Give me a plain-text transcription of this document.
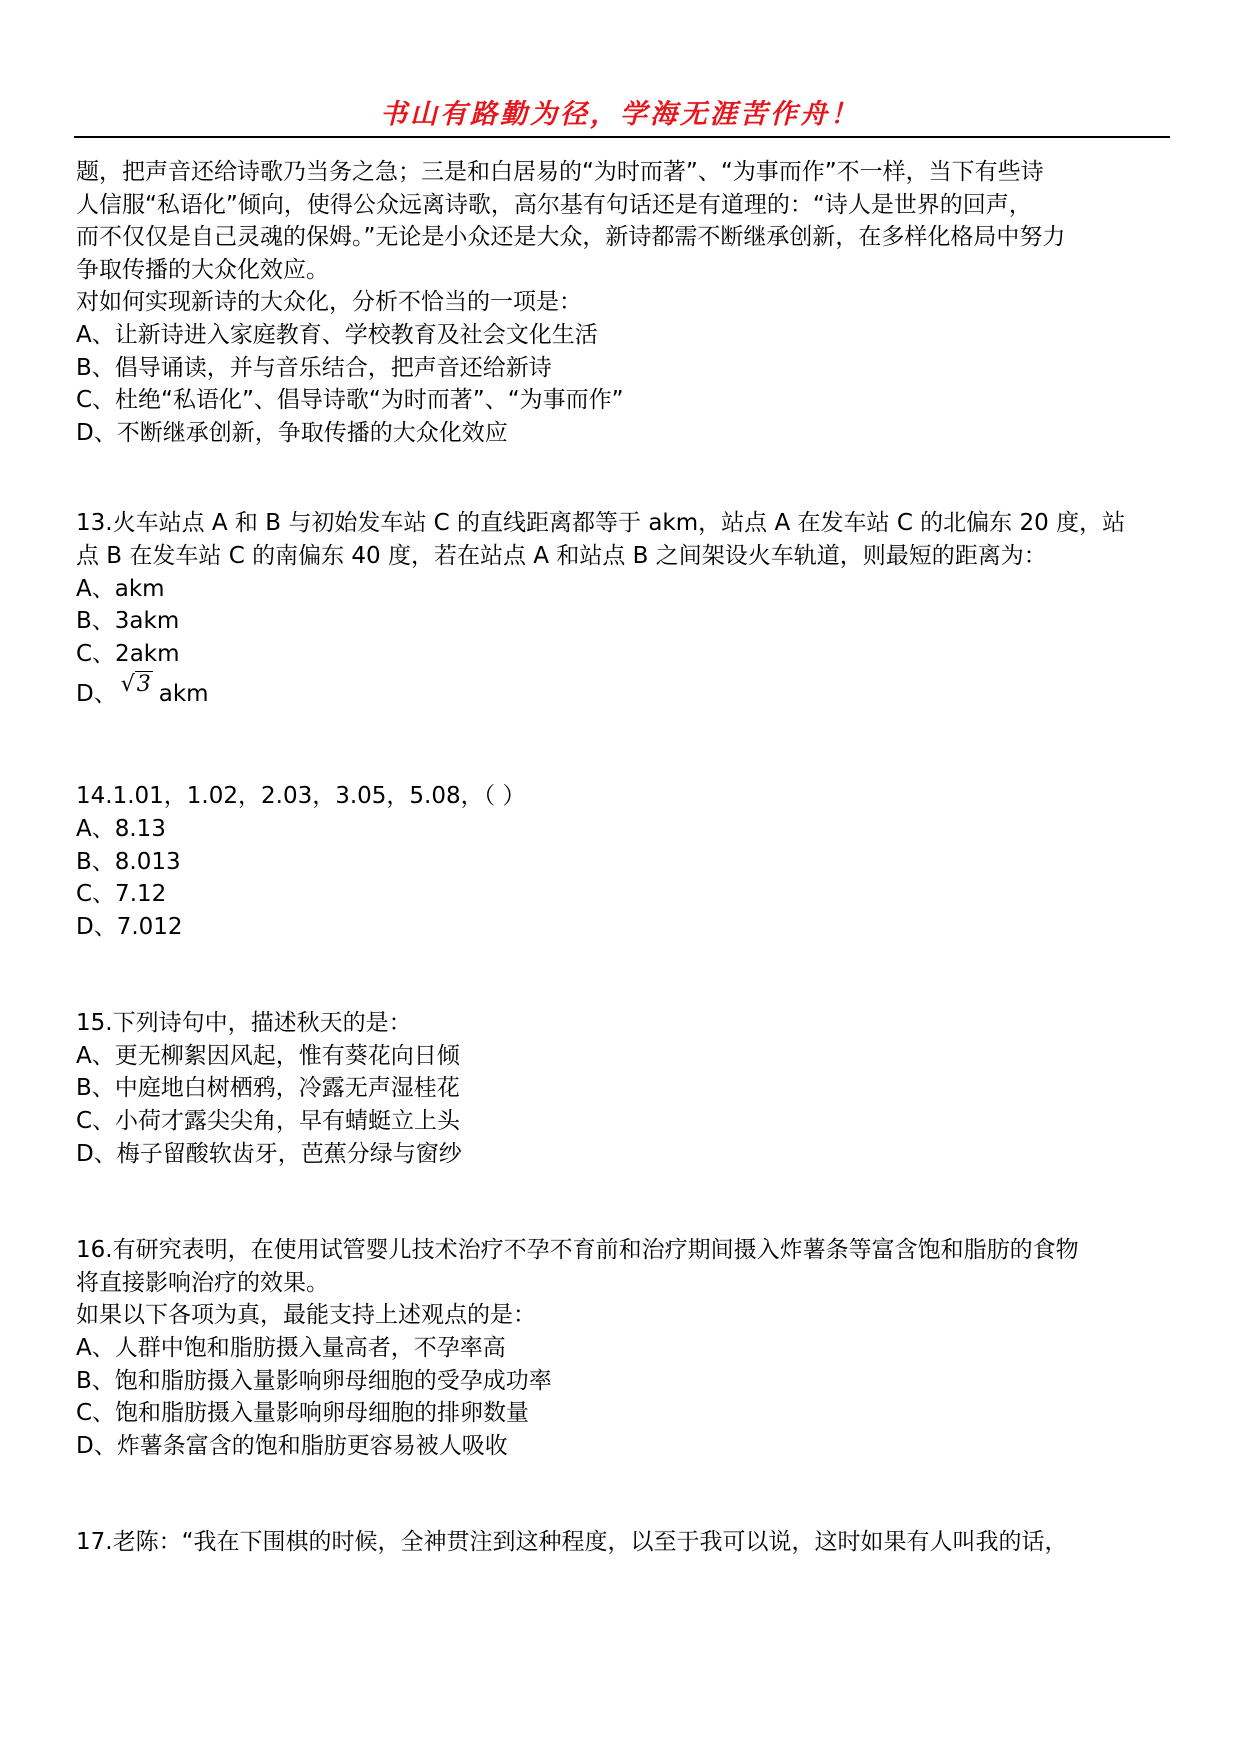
书山有路勤为径，学海无涯苦作舟！
题，把声音还给诗歌乃当务之急；三是和白居易的“为时而著”、“为事而作”不一样，当下有些诗
人信服“私语化”倾向，使得公众远离诗歌，高尔基有句话还是有道理的：“诗人是世界的回声，
而不仅仅是自己灵魂的保姆。”无论是小众还是大众，新诗都需不断继承创新，在多样化格局中努力
争取传播的大众化效应。
对如何实现新诗的大众化，分析不恰当的一项是：
A、让新诗进入家庭教育、学校教育及社会文化生活
B、倡导诵读，并与音乐结合，把声音还给新诗
C、杜绝“私语化”、倡导诗歌“为时而著”、“为事而作”
D、不断继承创新，争取传播的大众化效应
13.火车站点 A 和 B 与初始发车站 C 的直线距离都等于 akm，站点 A 在发车站 C 的北偏东 20 度，站
点 B 在发车站 C 的南偏东 40 度，若在站点 A 和站点 B 之间架设火车轨道，则最短的距离为：
A、akm
B、3akm
C、2akm
D、 √3 akm
14.1.01，1.02，2.03，3.05，5.08，（ ）
A、8.13
B、8.013
C、7.12
D、7.012
15.下列诗句中，描述秋天的是：
A、更无柳絮因风起，惟有葵花向日倾
B、中庭地白树栖鸦，冷露无声湿桂花
C、小荷才露尖尖角，早有蜻蜓立上头
D、梅子留酸软齿牙，芭蕉分绿与窗纱
16.有研究表明，在使用试管婴儿技术治疗不孕不育前和治疗期间摄入炸薯条等富含饱和脂肪的食物
将直接影响治疗的效果。
如果以下各项为真，最能支持上述观点的是：
A、人群中饱和脂肪摄入量高者，不孕率高
B、饱和脂肪摄入量影响卵母细胞的受孕成功率
C、饱和脂肪摄入量影响卵母细胞的排卵数量
D、炸薯条富含的饱和脂肪更容易被人吸收
17.老陈：“我在下围棋的时候，全神贯注到这种程度，以至于我可以说，这时如果有人叫我的话，
